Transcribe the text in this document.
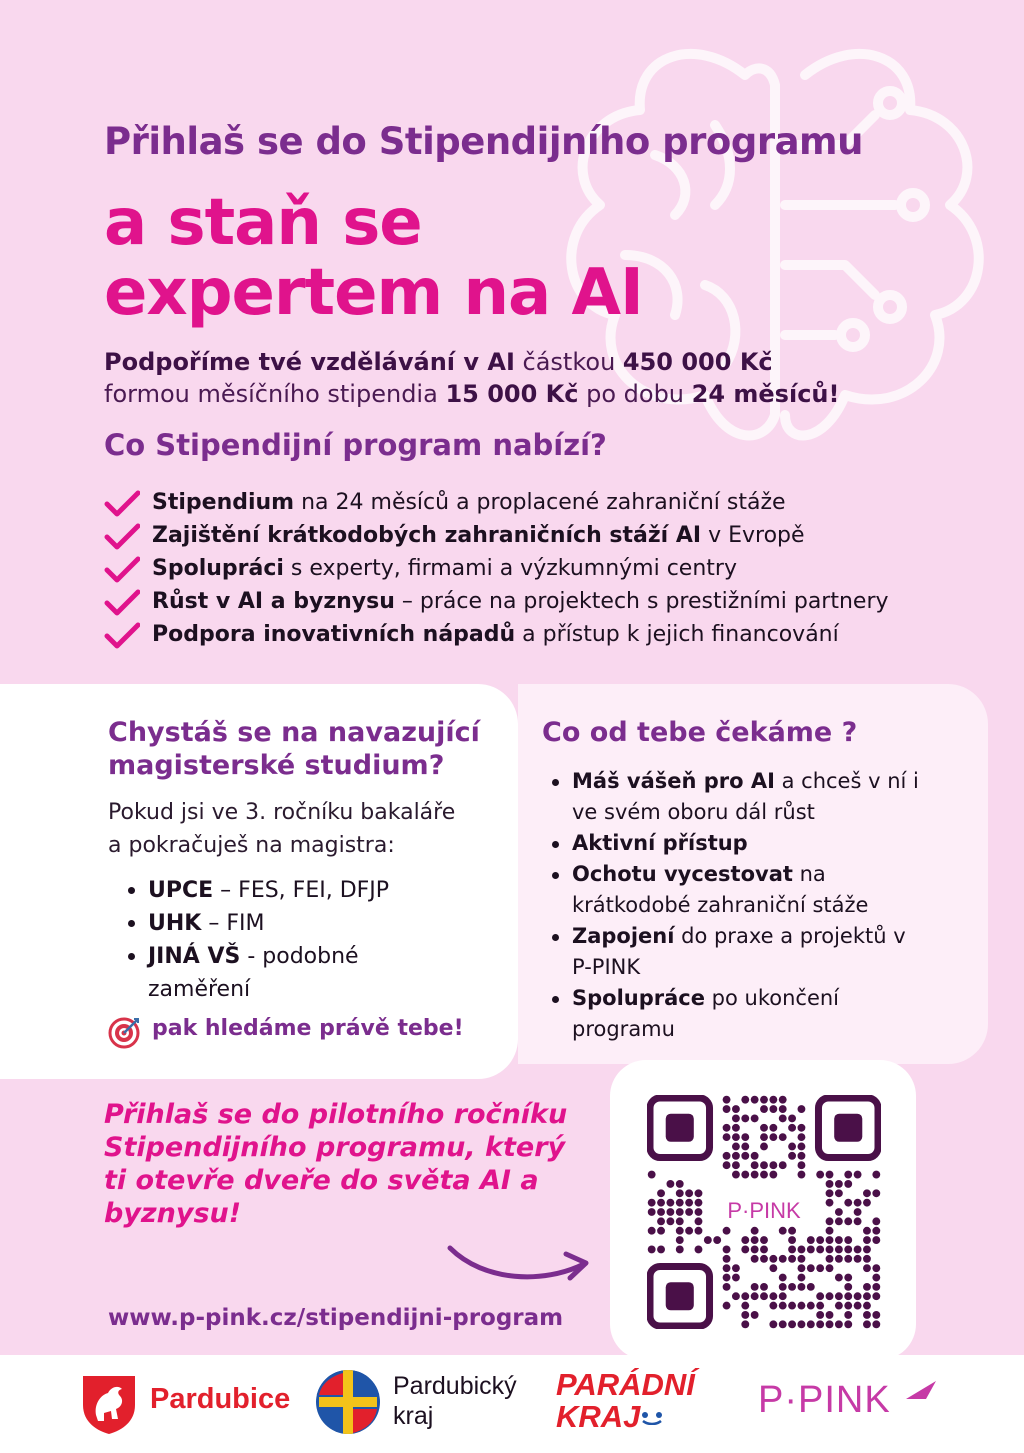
Přihlaš se do Stipendijního programu
a staň se
expertem na AI
Podpoříme tvé vzdělávání v AI částkou 450 000 Kč
formou měsíčního stipendia 15 000 Kč po dobu 24 měsíců!
Co Stipendijní program nabízí?
Stipendium na 24 měsíců a proplacené zahraniční stáže
Zajištění krátkodobých zahraničních stáží AI v Evropě
Spolupráci s experty, firmami a výzkumnými centry
Růst v AI a byznysu – práce na projektech s prestižními partnery
Podpora inovativních nápadů a přístup k jejich financování
Chystáš se na navazující
magisterské studium?
Pokud jsi ve 3. ročníku bakaláře
a pokračuješ na magistra:
UPCE – FES, FEI, DFJP
UHK – FIM
JINÁ VŠ - podobné zaměření
pak hledáme právě tebe!
Co od tebe čekáme ?
Máš vášeň pro AI a chceš v ní i ve svém oboru dál růst
Aktivní přístup
Ochotu vycestovat na krátkodobé zahraniční stáže
Zapojení do praxe a projektů v P-PINK
Spolupráce po ukončení programu
Přihlaš se do pilotního ročníku Stipendijního programu, který ti otevře dveře do světa AI a byznysu!
www.p-pink.cz/stipendijni-program
P·PINK
Pardubice	Pardubický
kraj
PARÁDNÍ
KRAJ	P·PINK
